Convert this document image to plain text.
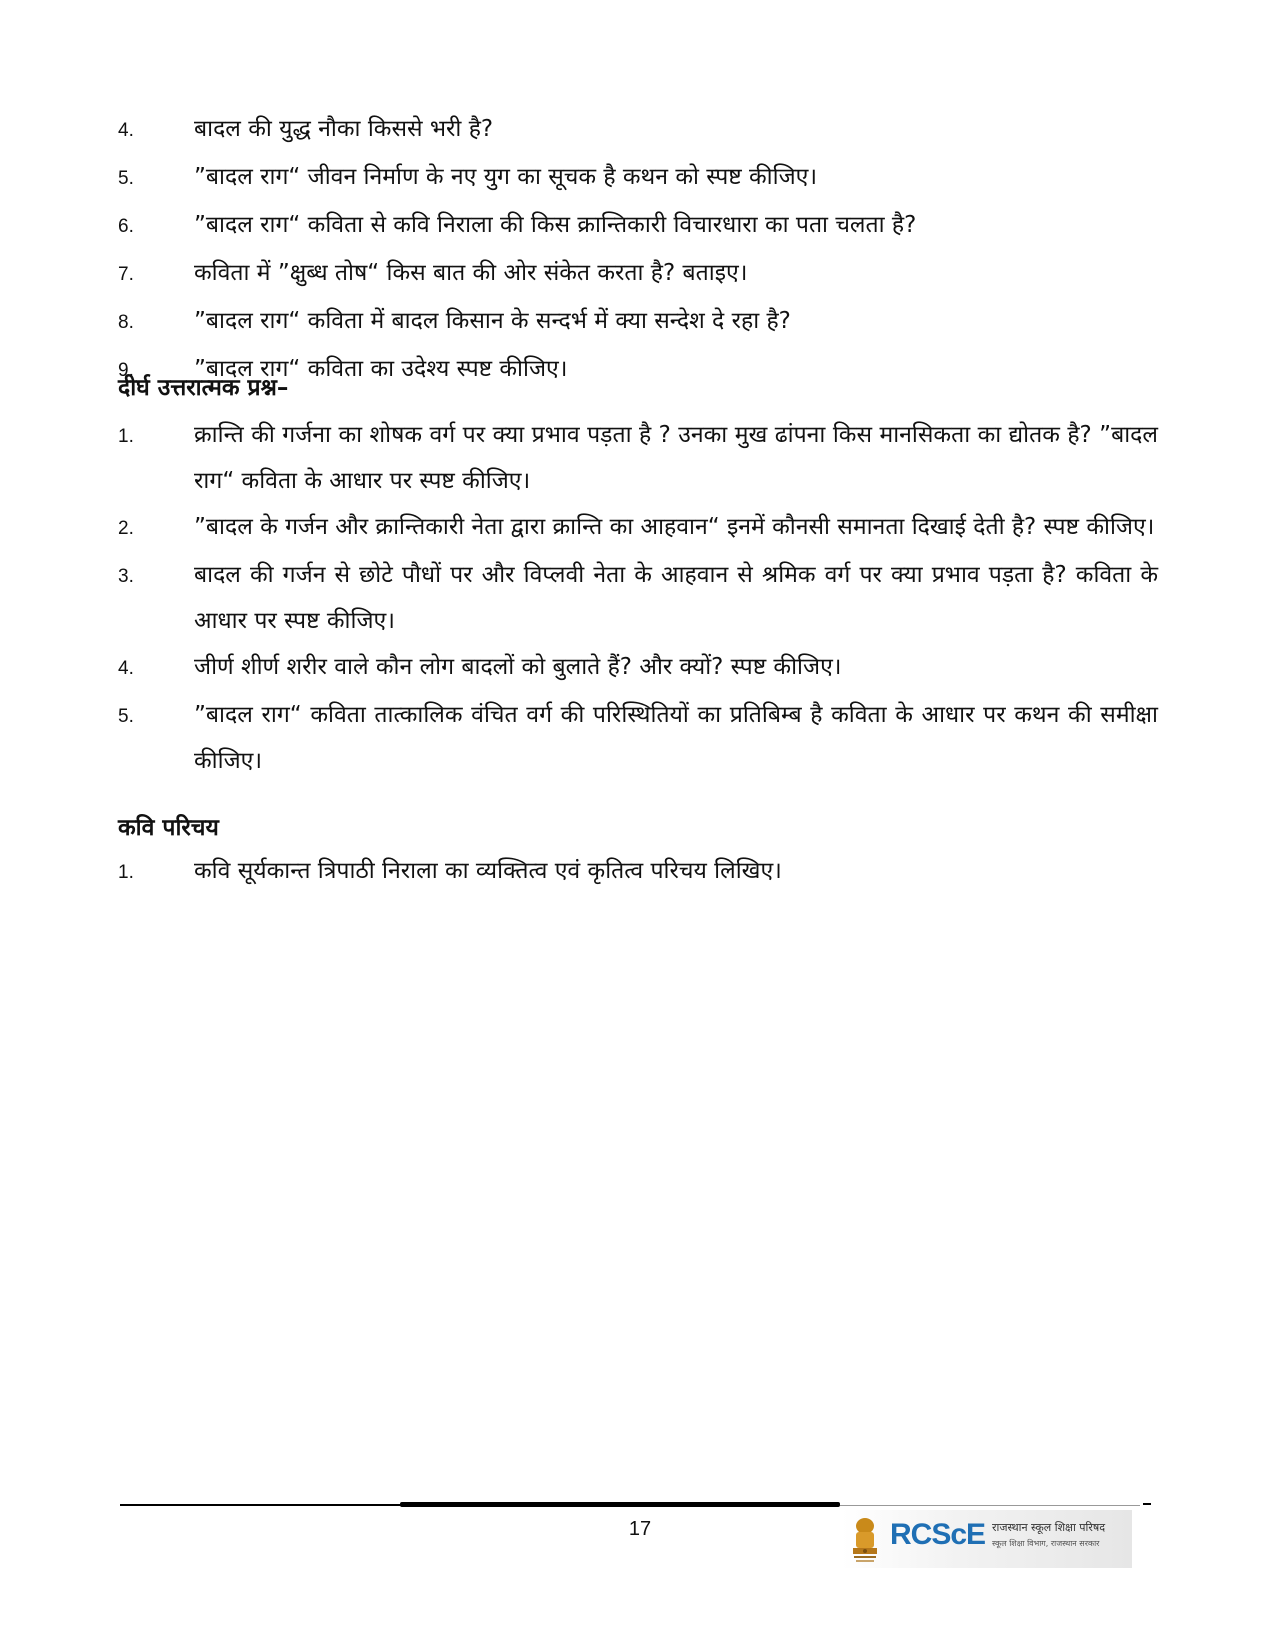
4.	बादल की युद्ध नौका किससे भरी है?
5.	”बादल राग“ जीवन निर्माण के नए युग का सूचक है कथन को स्पष्ट कीजिए।
6.	”बादल राग“ कविता से कवि निराला की किस क्रान्तिकारी विचारधारा का पता चलता है?
7.	कविता में ”क्षुब्ध तोष“ किस बात की ओर संकेत करता है? बताइए।
8.	”बादल राग“ कविता में बादल किसान के सन्दर्भ में क्या सन्देश दे रहा है?
9.	”बादल राग“ कविता का उदेश्य स्पष्ट कीजिए।
दीर्घ उत्तरात्मक प्रश्न–
1.	क्रान्ति की गर्जना का शोषक वर्ग पर क्या प्रभाव पड़ता है ? उनका मुख ढांपना किस मानसिकता का द्योतक है? ”बादल राग“ कविता के आधार पर स्पष्ट कीजिए।
2.	”बादल के गर्जन और क्रान्तिकारी नेता द्वारा क्रान्ति का आहवान“ इनमें कौनसी समानता दिखाई देती है? स्पष्ट कीजिए।
3.	बादल की गर्जन से छोटे पौधों पर और विप्लवी नेता के आहवान से श्रमिक वर्ग पर क्या प्रभाव पड़ता है? कविता के आधार पर स्पष्ट कीजिए।
4.	जीर्ण शीर्ण शरीर वाले कौन लोग बादलों को बुलाते हैं? और क्यों? स्पष्ट कीजिए।
5.	”बादल राग“ कविता तात्कालिक वंचित वर्ग की परिस्थितियों का प्रतिबिम्ब है कविता के आधार पर कथन की समीक्षा कीजिए।
कवि परिचय
1.	कवि सूर्यकान्त त्रिपाठी निराला का व्यक्तित्व एवं कृतित्व परिचय लिखिए।
17	RCScE राजस्थान स्कूल शिक्षा परिषद
स्कूल शिक्षा विभाग, राजस्थान सरकार
